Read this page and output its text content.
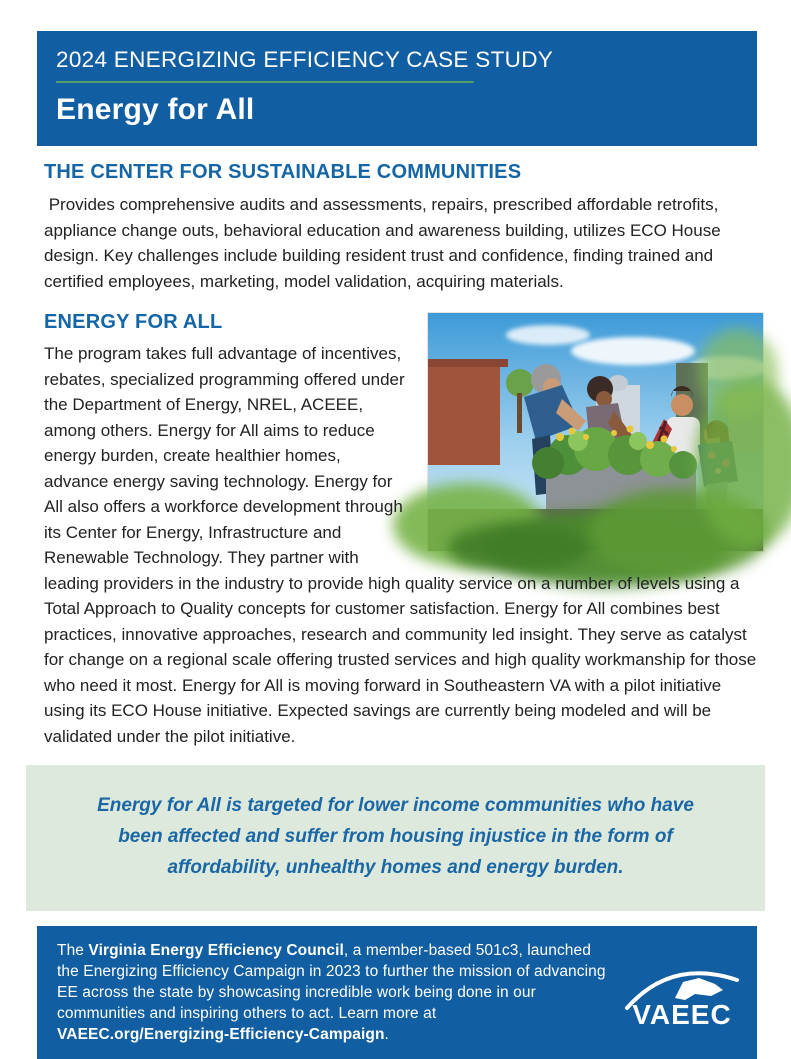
2024 ENERGIZING EFFICIENCY CASE STUDY
Energy for All
THE CENTER FOR SUSTAINABLE COMMUNITIES

Provides comprehensive audits and assessments, repairs, prescribed affordable retrofits, appliance change outs, behavioral education and awareness building, utilizes ECO House design. Key challenges include building resident trust and confidence, finding trained and certified employees, marketing, model validation, acquiring materials.

ENERGY FOR ALL

The program takes full advantage of incentives, rebates, specialized programming offered under the Department of Energy, NREL, ACEEE, among others. Energy for All aims to reduce energy burden, create healthier homes, advance energy saving technology. Energy for All also offers a workforce development through its Center for Energy, Infrastructure and Renewable Technology. They partner with leading providers in the industry to provide high quality service on a number of levels using a Total Approach to Quality concepts for customer satisfaction. Energy for All combines best practices, innovative approaches, research and community led insight. They serve as catalyst for change on a regional scale offering trusted services and high quality workmanship for those who need it most. Energy for All is moving forward in Southeastern VA with a pilot initiative using its ECO House initiative. Expected savings are currently being modeled and will be validated under the pilot initiative.

Energy for All is targeted for lower income communities who have been affected and suffer from housing injustice in the form of affordability, unhealthy homes and energy burden.
The Virginia Energy Efficiency Council, a member-based 501c3, launched the Energizing Efficiency Campaign in 2023 to further the mission of advancing EE across the state by showcasing incredible work being done in our communities and inspiring others to act. Learn more at VAEEC.org/Energizing-Efficiency-Campaign.
VAEEC
